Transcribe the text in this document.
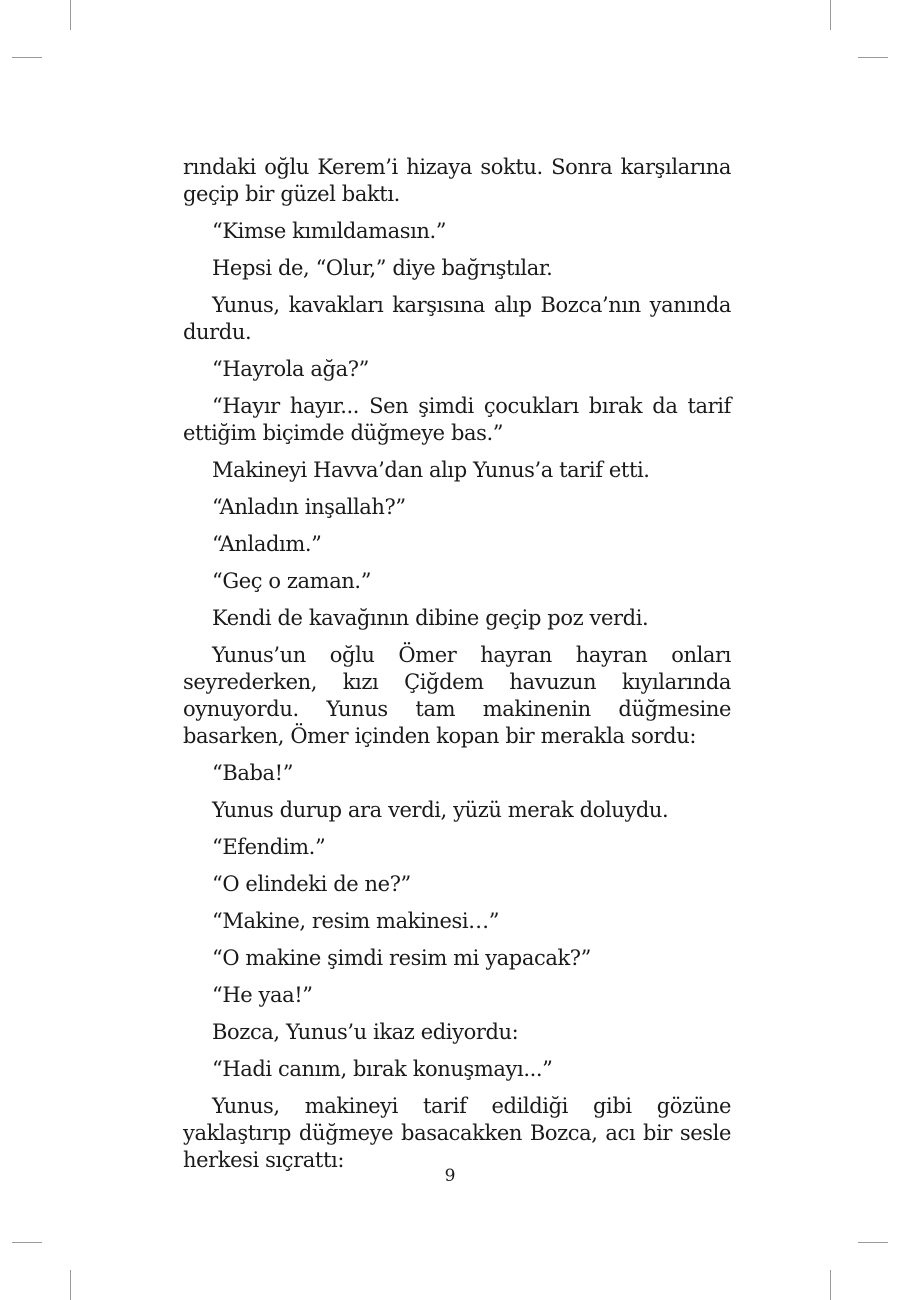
rındaki oğlu Kerem’i hizaya soktu. Sonra karşılarına geçip bir güzel baktı.

“Kimse kımıldamasın.”

Hepsi de, “Olur,” diye bağrıştılar.

Yunus, kavakları karşısına alıp Bozca’nın yanında durdu.

“Hayrola ağa?”

“Hayır hayır... Sen şimdi çocukları bırak da tarif ettiğim biçimde düğmeye bas.”

Makineyi Havva’dan alıp Yunus’a tarif etti.

“Anladın inşallah?”

“Anladım.”

“Geç o zaman.”

Kendi de kavağının dibine geçip poz verdi.

Yunus’un oğlu Ömer hayran hayran onları seyrederken, kızı Çiğdem havuzun kıyılarında oynuyordu. Yunus tam makinenin düğmesine basarken, Ömer içinden kopan bir merakla sordu:

“Baba!”

Yunus durup ara verdi, yüzü merak doluydu.

“Efendim.”

“O elindeki de ne?”

“Makine, resim makinesi…”

“O makine şimdi resim mi yapacak?”

“He yaa!”

Bozca, Yunus’u ikaz ediyordu:

“Hadi canım, bırak konuşmayı...”

Yunus, makineyi tarif edildiği gibi gözüne yaklaştırıp düğmeye basacakken Bozca, acı bir sesle herkesi sıçrattı:

9
